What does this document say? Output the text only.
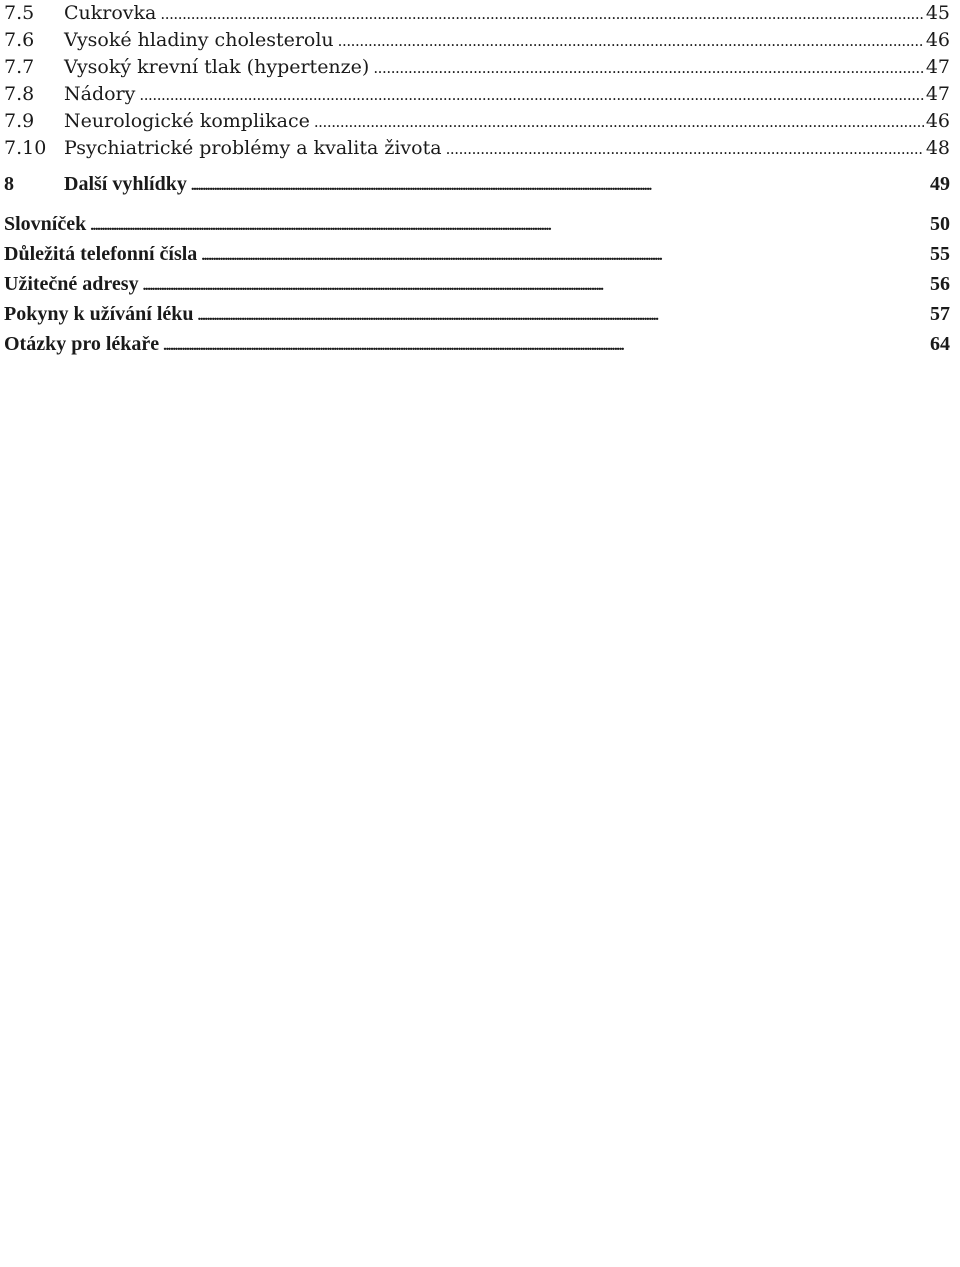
7.5	Cukrovka . . .	45
7.6	Vysoké hladiny cholesterolu . . .	46
7.7	Vysoký krevní tlak (hypertenze) . . .	47
7.8	Nádory . . .	47
7.9	Neurologické komplikace . . .	46
7.10 Psychiatrické problémy a kvalita života . . .	48
8	Další vyhlídky . . .	49
Slovníček . . .	50
Důležitá telefonní čísla . . .	55
Užitečné adresy . . .	56
Pokyny k užívání léku . . .	57
Otázky pro lékaře . . .	64
